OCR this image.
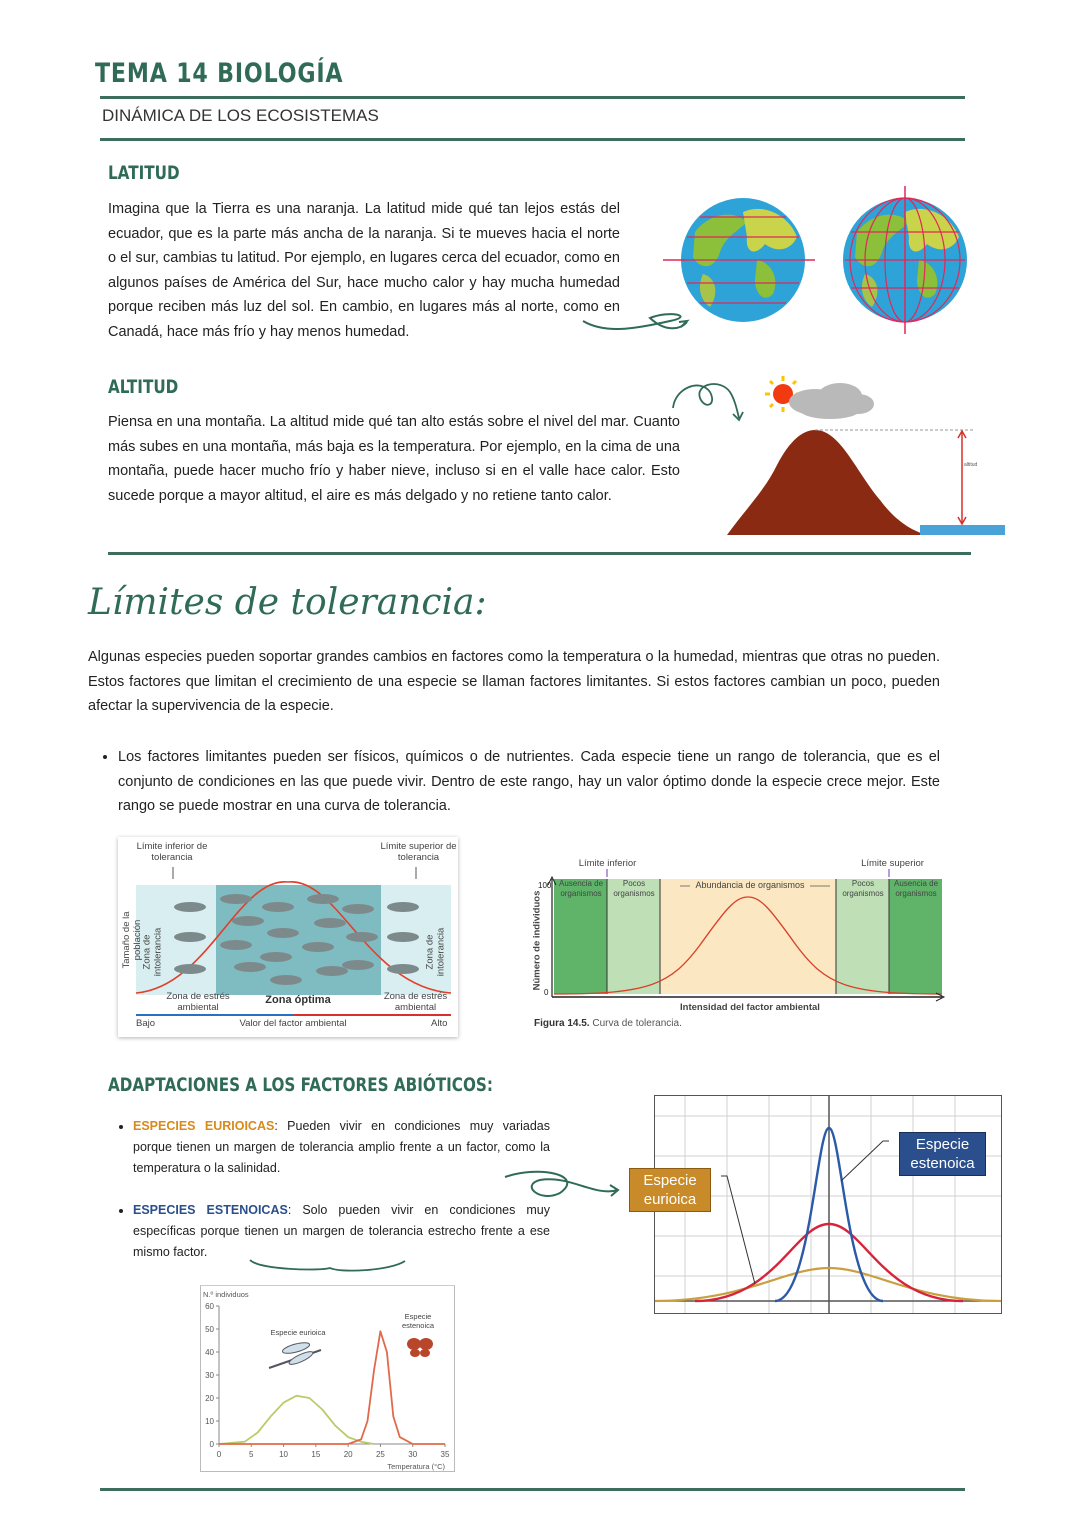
TEMA 14 BIOLOGÍA
DINÁMICA DE LOS ECOSISTEMAS
LATITUD
Imagina que la Tierra es una naranja. La latitud mide qué tan lejos estás del ecuador, que es la parte más ancha de la naranja. Si te mueves hacia el norte o el sur, cambias tu latitud. Por ejemplo, en lugares cerca del ecuador, como en algunos países de América del Sur, hace mucho calor y hay mucha humedad porque reciben más luz del sol. En cambio, en lugares más al norte, como en Canadá, hace más frío y hay menos humedad.
ALTITUD
Piensa en una montaña. La altitud mide qué tan alto estás sobre el nivel del mar. Cuanto más subes en una montaña, más baja es la temperatura. Por ejemplo, en la cima de una montaña, puede hacer mucho frío y haber nieve, incluso si en el valle hace calor. Esto sucede porque a mayor altitud, el aire es más delgado y no retiene tanto calor.
altitud
Límites de tolerancia:
Algunas especies pueden soportar grandes cambios en factores como la temperatura o la humedad, mientras que otras no pueden. Estos factores que limitan el crecimiento de una especie se llaman factores limitantes. Si estos factores cambian un poco, pueden afectar la supervivencia de la especie.
• Los factores limitantes pueden ser físicos, químicos o de nutrientes. Cada especie tiene un rango de tolerancia, que es el conjunto de condiciones en las que puede vivir. Dentro de este rango, hay un valor óptimo donde la especie crece mejor. Este rango se puede mostrar en una curva de tolerancia.
Límite inferior de tolerancia
Límite superior de tolerancia
Tamaño de la población
Zona de intolerancia	Zona de intolerancia
Zona de estrés ambiental
Zona de estrés ambiental
Zona óptima
Bajo	Valor del factor ambiental	Alto
Límite inferior	Límite superior
100
0
Ausencia de organismos
Pocos organismos
Abundancia de organismos	Pocos organismos
Ausencia de organismos
Número de individuos
Intensidad del factor ambiental
Figura 14.5. Curva de tolerancia.
ADAPTACIONES A LOS FACTORES ABIÓTICOS:
• ESPECIES EURIOICAS: Pueden vivir en condiciones muy variadas porque tienen un margen de tolerancia amplio frente a un factor, como la temperatura o la salinidad.
• ESPECIES ESTENOICAS: Solo pueden vivir en condiciones muy específicas porque tienen un margen de tolerancia estrecho frente a ese mismo factor.
Especie estenoica
Especie eurioica
0
10
20
30
40
50
60
0	5	10	15	20	25	30	35
N.º individuos
Temperatura (°C)
Especie eurioica
Especie
estenoica
